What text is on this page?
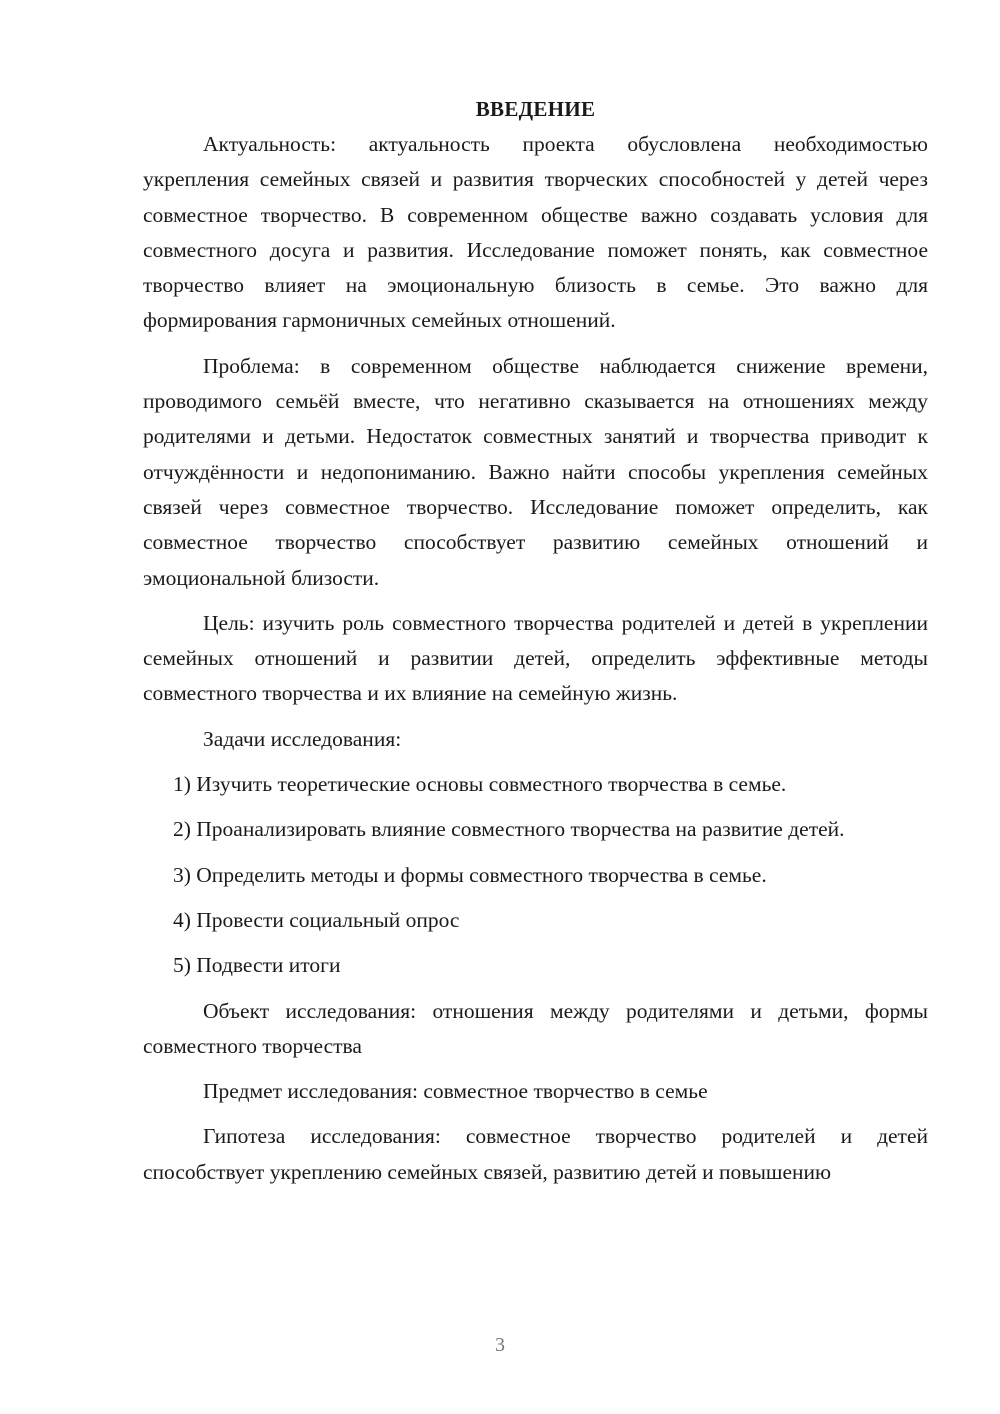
ВВЕДЕНИЕ

Актуальность: актуальность проекта обусловлена необходимостью укрепления семейных связей и развития творческих способностей у детей через совместное творчество. В современном обществе важно создавать условия для совместного досуга и развития. Исследование поможет понять, как совместное творчество влияет на эмоциональную близость в семье. Это важно для формирования гармоничных семейных отношений.

Проблема: в современном обществе наблюдается снижение времени, проводимого семьёй вместе, что негативно сказывается на отношениях между родителями и детьми. Недостаток совместных занятий и творчества приводит к отчуждённости и недопониманию. Важно найти способы укрепления семейных связей через совместное творчество. Исследование поможет определить, как совместное творчество способствует развитию семейных отношений и эмоциональной близости.

Цель: изучить роль совместного творчества родителей и детей в укреплении семейных отношений и развитии детей, определить эффективные методы совместного творчества и их влияние на семейную жизнь.

Задачи исследования:

1) Изучить теоретические основы совместного творчества в семье.

2) Проанализировать влияние совместного творчества на развитие детей.

3) Определить методы и формы совместного творчества в семье.

4) Провести социальный опрос

5) Подвести итоги

Объект исследования: отношения между родителями и детьми, формы совместного творчества

Предмет исследования: совместное творчество в семье

Гипотеза исследования: совместное творчество родителей и детей способствует укреплению семейных связей, развитию детей и повышению

3
